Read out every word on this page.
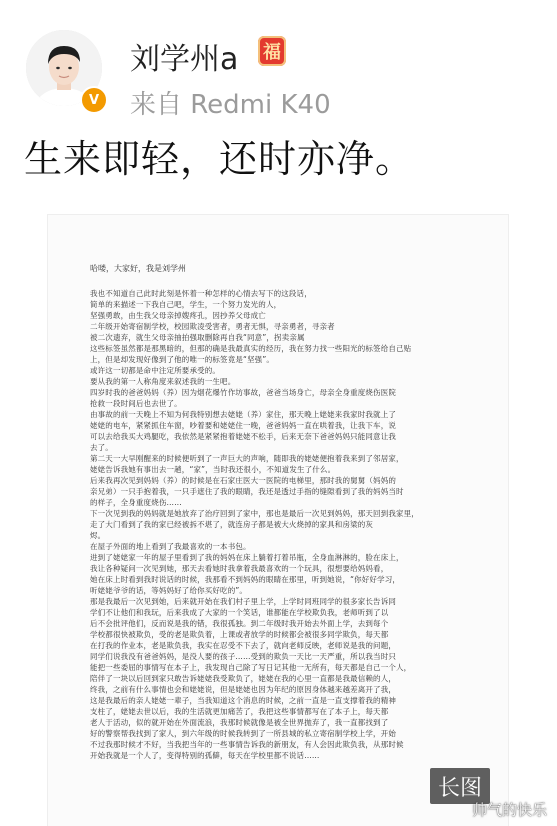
V
刘学州a 福
来自 Redmi K40
生来即轻，还时亦净。
哈喽，大家好，我是刘学州
我也不知道自己此时此刻是怀着一种怎样的心情去写下的这段话，
简单的来描述一下我自己吧，学生，一个努力发光的人，
坚强勇敢，由生我父母亲掉嫂疼孔，因抄养父母成亡
二年级开始寄宿制学校，校园欺凌受害者，勇者无惧，寻亲勇者，寻亲者
被二次遗弃，就生父母亲抽拍强取删除再自我“同意”，拐卖亲属
这些标签虽然都是那黑暗的，但那的确是我最真实的经历，我在努力找一些阳光的标签给自己贴
上，但是却发现好像到了他的唯一的标签竟是“坚强”。
或许这一切都是命中注定所要承受的。
要从我的第一人称角度来叙述我的一生吧。
四岁时我的爸爸妈妈（养）因为烟花爆竹作坊事故，爸爸当场身亡，母亲全身重度烧伤医院
抢救一段时间后也去世了。
由事故的前一天晚上不知为何我特别想去姥姥（养）家住，那天晚上姥姥来我家时我就上了
姥姥的电车，紧紧抓住车窗，吵着要和姥姥住一晚，爸爸妈妈一直在哄着我，让我下车，说
可以去给我买大鸡腿吃，我依然是紧紧抱着姥姥不松手，后来无奈下爸爸妈妈只能同意让我
去了。
第二天一大早刚醒来的时候便听到了一声巨大的声响，随即我的姥姥便抱着我来到了邻居家，
姥姥告诉我她有事出去一趟，“家”，当时我还很小，不知道发生了什么。
后来我再次见到妈妈（养）的时候是在石家庄医大一医院的电梯里，那时我的舅舅（妈妈的
亲兄弟）一只手抱着我，一只手遮住了我的眼睛，我还是透过手指的缝隙看到了我的妈妈当时
的样子，全身重度烧伤……
下一次见到我的妈妈就是她放弃了治疗回到了家中，那也是最后一次见到妈妈，那天回到我家里，
走了大门看到了我的家已经被拆不堪了，就连房子都是被大火烧掉的家具和房梁的灰
烬。
在屋子外面的地上看到了我最喜欢的一本书包。
进到了姥姥家一年的屋子里看到了我的妈妈在床上躺着打着吊瓶，全身血淋淋的，脸在床上，
我让各种疑问一次见到她，那天去看她时我拿着我最喜欢的一个玩具，很想要给妈妈看，
她在床上时看到我时说话的时候，我那看不到妈妈的眼睛在那里，听到她说，“你好好学习，
听姥姥爷爷的话，等妈妈好了给你买好吃的”。
那是我最后一次见到她，后来就开始在我们村子里上学，上学时同班同学的很多家长告诉同
学们不让他们和我玩，后来我成了大家的一个笑话，谁都能在学校欺负我，老师听到了以
后不会批评他们，反而说是我的错，我很孤独。到二年级时我开始去外面上学，去到每个
学校都很快被欺负，受的老是欺负着，上课或者放学的时候都会被很多同学欺负，每天都
在打我的作业本，老是欺负我，我实在忍受不下去了，就向老师反映，老师说是我的问题，
同学们说我没有爸爸妈妈，是没人要的孩子……受到的欺负一天比一天严重，所以我当时只
能把一些委屈的事情写在本子上，我发现自己除了写日记其他一无所有，每天都是自己一个人，
陪伴了一块以后回到家只敢告诉姥姥我受欺负了，姥姥在我的心里一直都是我最信赖的人，
终我，之前有什么事情也会和姥姥说，但是姥姥也因为年纪的原因身体越来越差离开了我，
这是我最后的亲人姥姥一辈子，当我知道这个消息的时候，之前一直是一直支撑着我的精神
支柱了，姥姥去世以后，我的生活就更加痛苦了，我把这些事情都写在了本子上，每天都
老人于活动，似的就开始在外面流浪，我那时候就像是被全世界抛弃了，我一直都找到了
好的警察帮我找到了家人，到六年级的时候我转到了一所县城的私立寄宿制学校上学，开始
不过我那时候才不好，当我把当年的一些事情告诉我的新朋友，有人会因此欺负我，从那时候
开始我就是一个人了，变得特别的孤僻，每天在学校里都不说话……
长图
帅气的快乐
